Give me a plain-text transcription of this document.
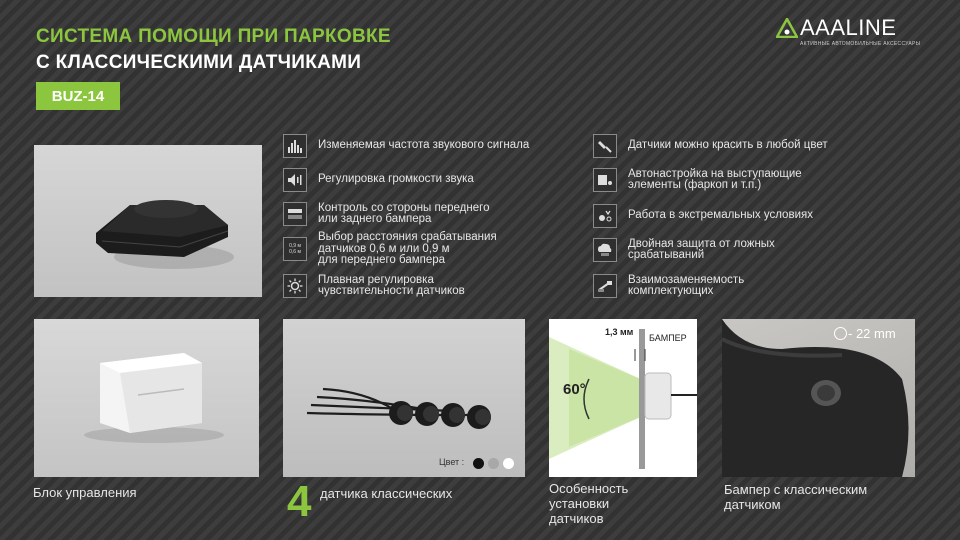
СИСТЕМА ПОМОЩИ ПРИ ПАРКОВКЕ
С КЛАССИЧЕСКИМИ ДАТЧИКАМИ
BUZ-14
AAALINE
АКТИВНЫЕ АВТОМОБИЛЬНЫЕ АКСЕССУАРЫ
Изменяемая частота звукового сигнала
Регулировка громкости звука
Контроль со стороны переднего
или заднего бампера
0,9 м
0,6 м
Выбор расстояния срабатывания
датчиков 0,6 м или 0,9 м
для переднего бампера
Плавная регулировка
чувствительности датчиков
Датчики можно красить в любой цвет
Автонастройка на выступающие
элементы (фаркоп и т.п.)
Работа в экстремальных условиях
Двойная защита от ложных
срабатываний
Взаимозаменяемость
комплектующих
Цвет :
1,3 мм
БАМПЕР
60°
- 22 mm
Блок управления	4 датчика классических	Особенность
установки
датчиков
Бампер с классическим
датчиком
